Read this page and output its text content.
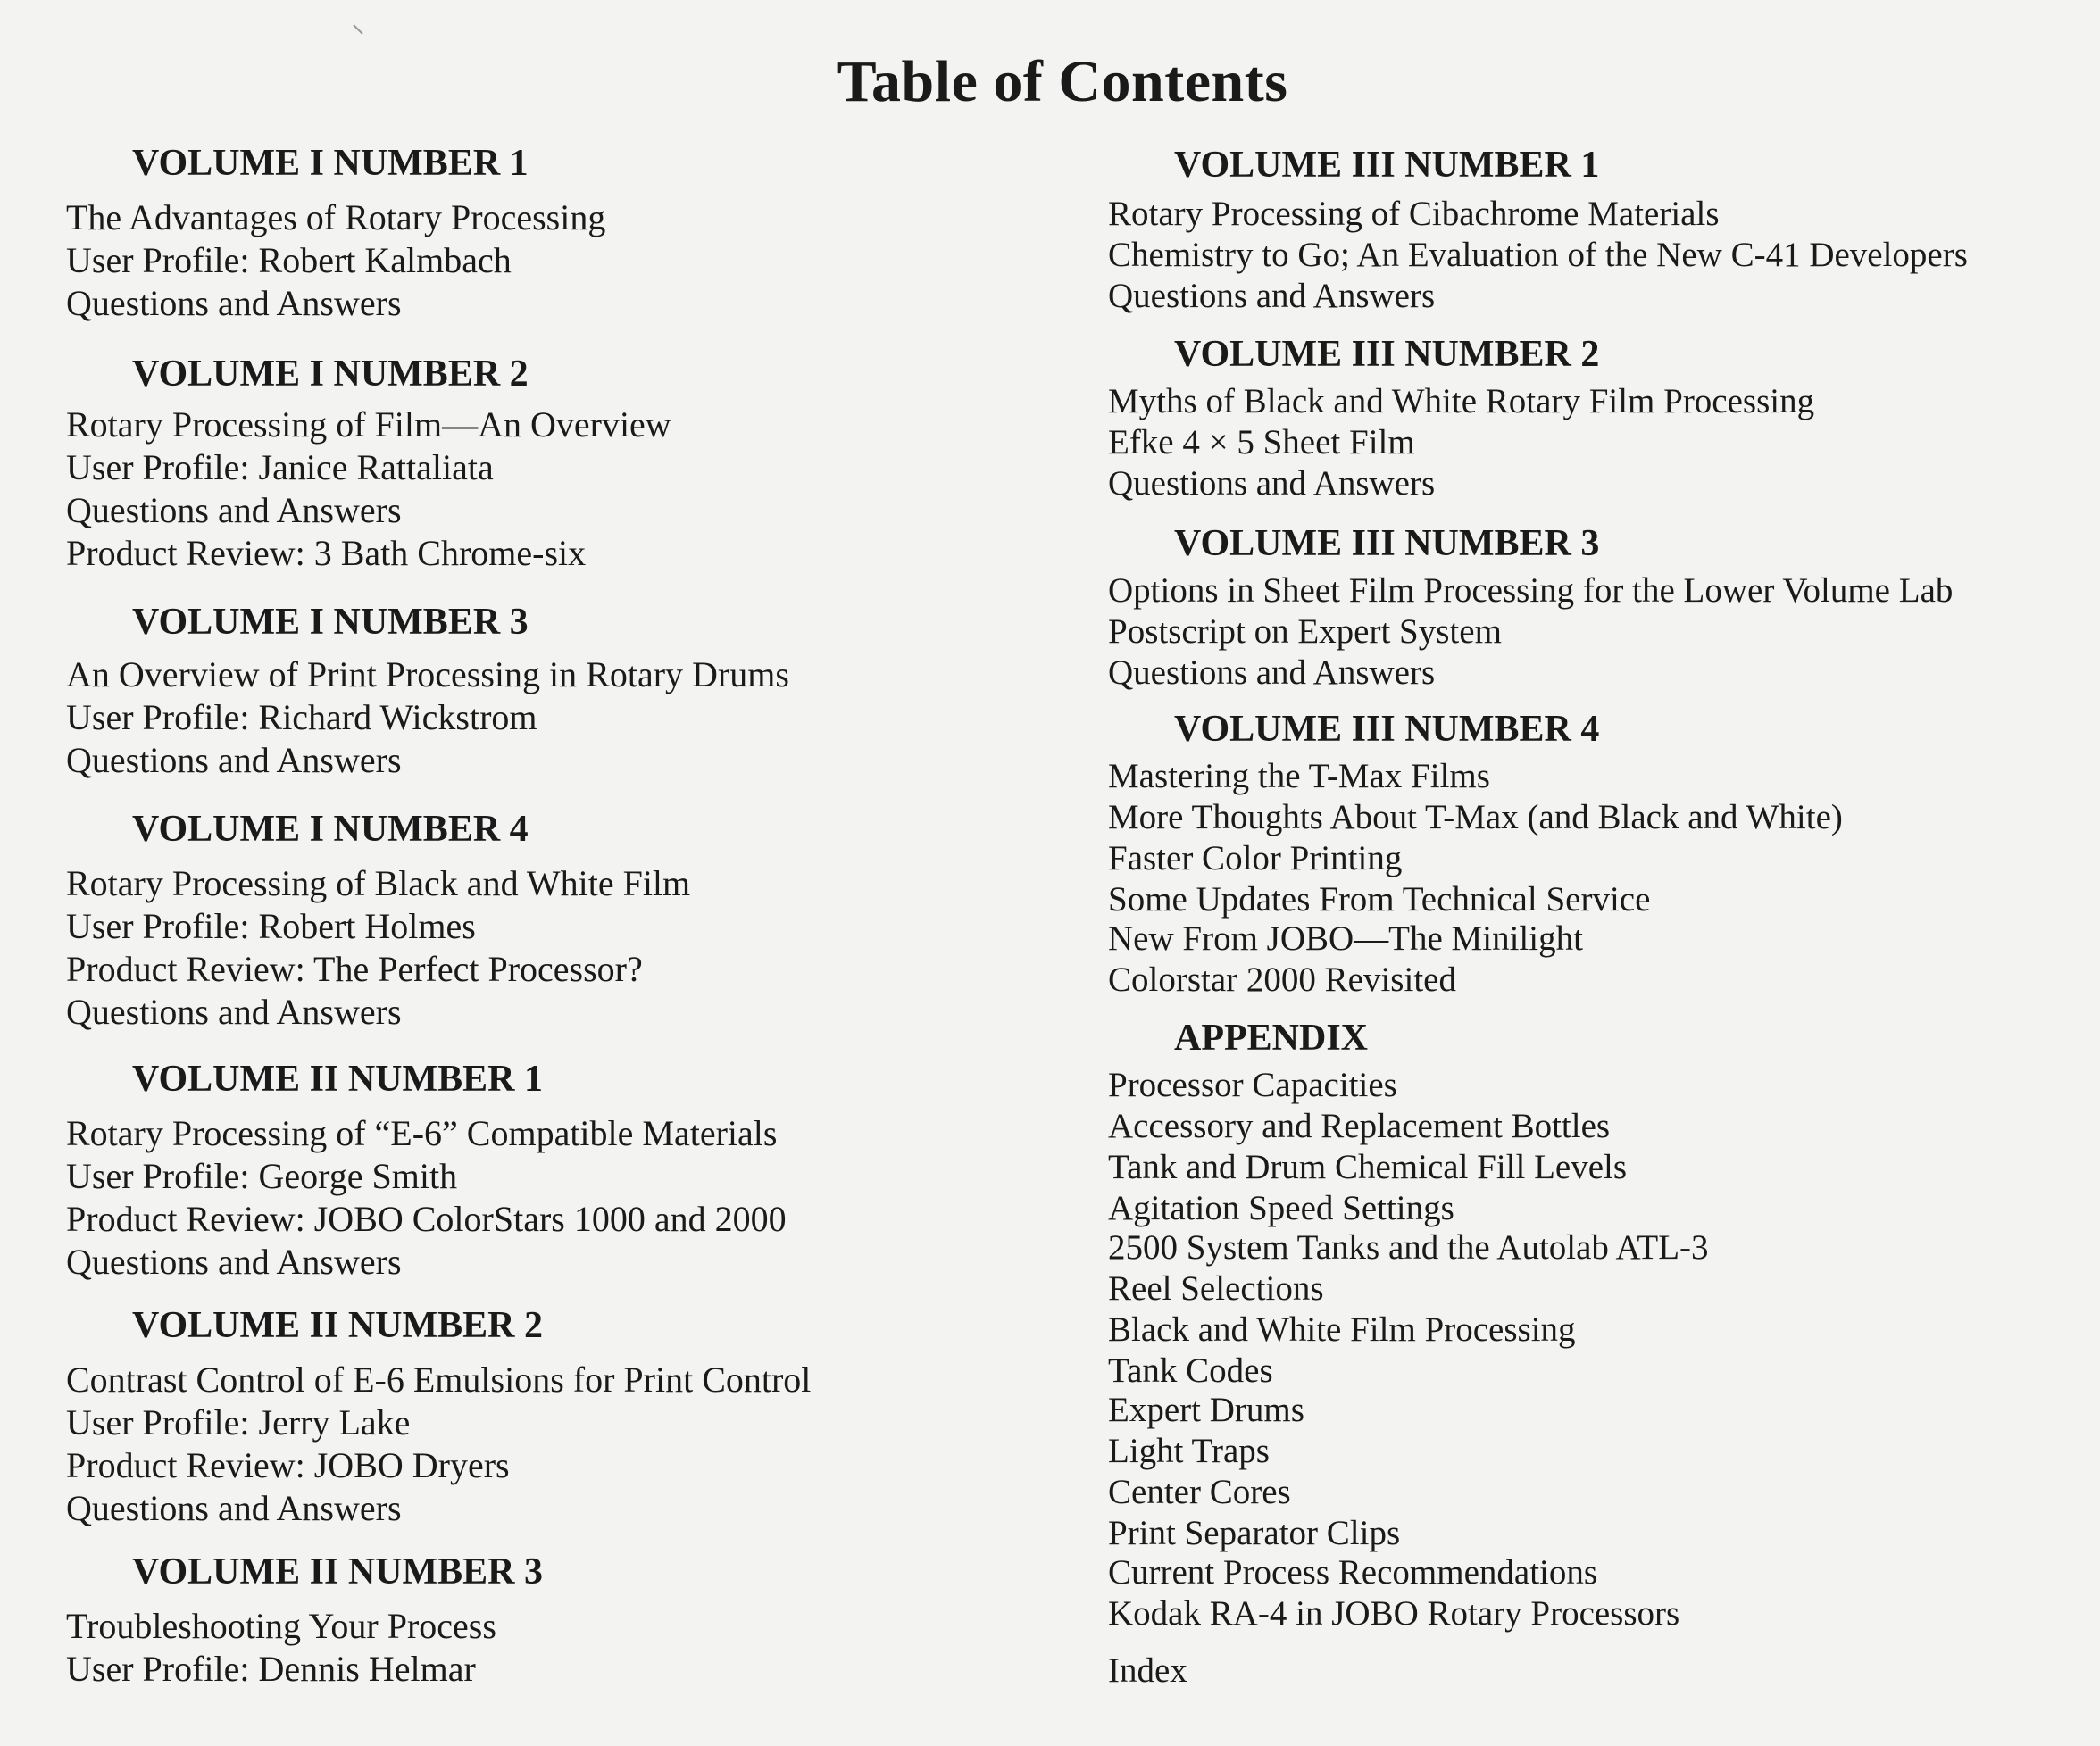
Table of Contents
VOLUME I NUMBER 1

The Advantages of Rotary Processing

User Profile: Robert Kalmbach

Questions and Answers

VOLUME I NUMBER 2

Rotary Processing of Film—An Overview

User Profile: Janice Rattaliata

Questions and Answers

Product Review: 3 Bath Chrome-six

VOLUME I NUMBER 3

An Overview of Print Processing in Rotary Drums

User Profile: Richard Wickstrom

Questions and Answers

VOLUME I NUMBER 4

Rotary Processing of Black and White Film

User Profile: Robert Holmes

Product Review: The Perfect Processor?

Questions and Answers

VOLUME II NUMBER 1

Rotary Processing of “E-6” Compatible Materials

User Profile: George Smith

Product Review: JOBO ColorStars 1000 and 2000

Questions and Answers

VOLUME II NUMBER 2

Contrast Control of E-6 Emulsions for Print Control

User Profile: Jerry Lake

Product Review: JOBO Dryers

Questions and Answers

VOLUME II NUMBER 3

Troubleshooting Your Process

User Profile: Dennis Helmar

VOLUME III NUMBER 1

Rotary Processing of Cibachrome Materials

Chemistry to Go; An Evaluation of the New C-41 Developers

Questions and Answers

VOLUME III NUMBER 2

Myths of Black and White Rotary Film Processing

Efke 4 × 5 Sheet Film

Questions and Answers

VOLUME III NUMBER 3

Options in Sheet Film Processing for the Lower Volume Lab

Postscript on Expert System

Questions and Answers

VOLUME III NUMBER 4

Mastering the T-Max Films

More Thoughts About T-Max (and Black and White)

Faster Color Printing

Some Updates From Technical Service

New From JOBO—The Minilight

Colorstar 2000 Revisited

APPENDIX

Processor Capacities

Accessory and Replacement Bottles

Tank and Drum Chemical Fill Levels

Agitation Speed Settings

2500 System Tanks and the Autolab ATL-3

Reel Selections

Black and White Film Processing

Tank Codes

Expert Drums

Light Traps

Center Cores

Print Separator Clips

Current Process Recommendations

Kodak RA-4 in JOBO Rotary Processors

Index
